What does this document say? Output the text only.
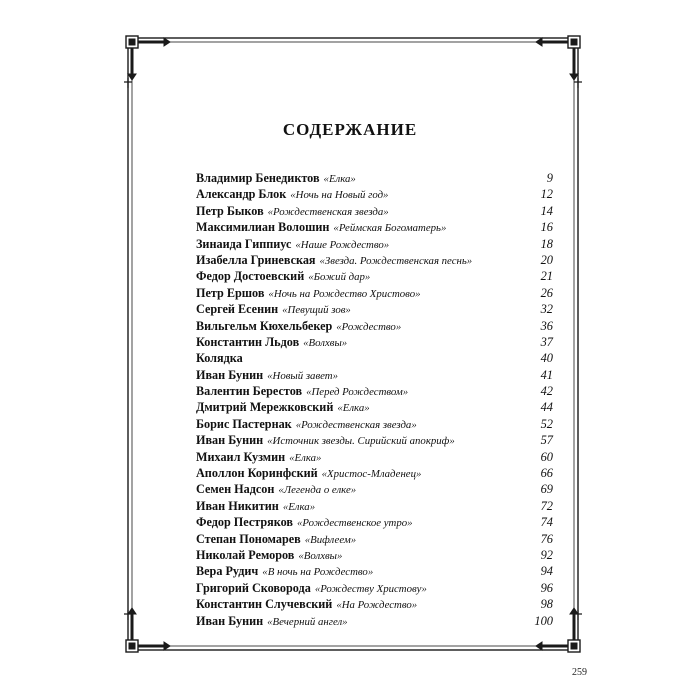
СОДЕРЖАНИЕ
Владимир Бенедиктов «Елка»	9
Александр Блок «Ночь на Новый год»	12
Петр Быков «Рождественская звезда»	14
Максимилиан Волошин «Реймская Богоматерь»	16
Зинаида Гиппиус «Наше Рождество»	18
Изабелла Гриневская «Звезда. Рождественская песнь»	20
Федор Достоевский «Божий дар»	21
Петр Ершов «Ночь на Рождество Христово»	26
Сергей Есенин «Певущий зов»	32
Вильгельм Кюхельбекер «Рождество»	36
Константин Льдов «Волхвы»	37
Колядка	40
Иван Бунин «Новый завет»	41
Валентин Берестов «Перед Рождеством»	42
Дмитрий Мережковский «Елка»	44
Борис Пастернак «Рождественская звезда»	52
Иван Бунин «Источник звезды. Сирийский апокриф»	57
Михаил Кузмин «Елка»	60
Аполлон Коринфский «Христос-Младенец»	66
Семен Надсон «Легенда о елке»	69
Иван Никитин «Елка»	72
Федор Пестряков «Рождественское утро»	74
Степан Пономарев «Вифлеем»	76
Николай Реморов «Волхвы»	92
Вера Рудич «В ночь на Рождество»	94
Григорий Сковорода «Рождеству Христову»	96
Константин Случевский «На Рождество»	98
Иван Бунин «Вечерний ангел»	100
259
